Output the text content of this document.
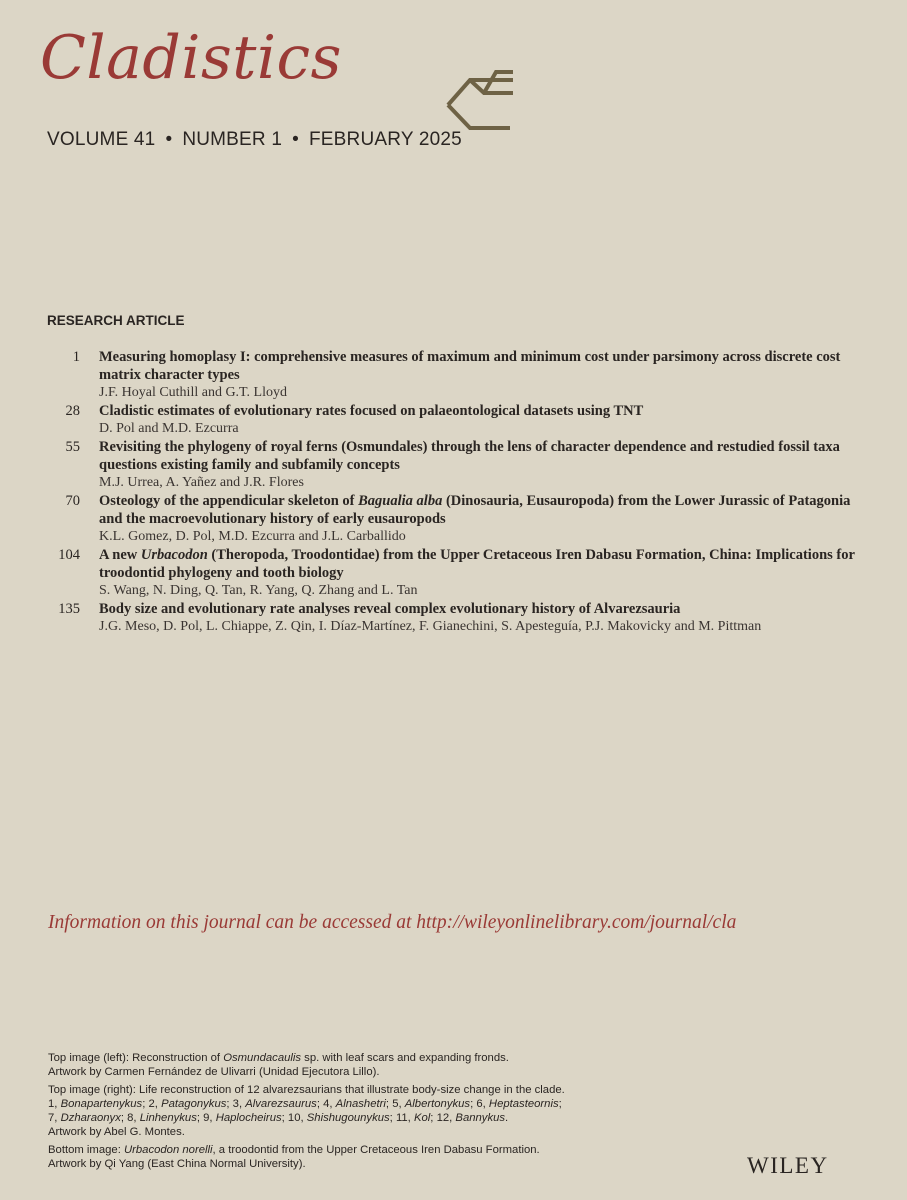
Cladistics
VOLUME 41 • NUMBER 1 • FEBRUARY 2025
RESEARCH ARTICLE
1 Measuring homoplasy I: comprehensive measures of maximum and minimum cost under parsimony across discrete cost matrix character types
J.F. Hoyal Cuthill and G.T. Lloyd
28 Cladistic estimates of evolutionary rates focused on palaeontological datasets using TNT
D. Pol and M.D. Ezcurra
55 Revisiting the phylogeny of royal ferns (Osmundales) through the lens of character dependence and restudied fossil taxa questions existing family and subfamily concepts
M.J. Urrea, A. Yañez and J.R. Flores
70 Osteology of the appendicular skeleton of Bagualia alba (Dinosauria, Eusauropoda) from the Lower Jurassic of Patagonia and the macroevolutionary history of early eusauropods
K.L. Gomez, D. Pol, M.D. Ezcurra and J.L. Carballido
104 A new Urbacodon (Theropoda, Troodontidae) from the Upper Cretaceous Iren Dabasu Formation, China: Implications for troodontid phylogeny and tooth biology
S. Wang, N. Ding, Q. Tan, R. Yang, Q. Zhang and L. Tan
135 Body size and evolutionary rate analyses reveal complex evolutionary history of Alvarezsauria
J.G. Meso, D. Pol, L. Chiappe, Z. Qin, I. Díaz-Martínez, F. Gianechini, S. Apesteguía, P.J. Makovicky and M. Pittman
Information on this journal can be accessed at http://wileyonlinelibrary.com/journal/cla
Top image (left): Reconstruction of Osmundacaulis sp. with leaf scars and expanding fronds.
Artwork by Carmen Fernández de Ulivarri (Unidad Ejecutora Lillo).
Top image (right): Life reconstruction of 12 alvarezsaurians that illustrate body-size change in the clade.
1, Bonapartenykus; 2, Patagonykus; 3, Alvarezsaurus; 4, Alnashetri; 5, Albertonykus; 6, Heptasteornis;
7, Dzharaonyx; 8, Linhenykus; 9, Haplocheirus; 10, Shishugounykus; 11, Kol; 12, Bannykus.
Artwork by Abel G. Montes.
Bottom image: Urbacodon norelli, a troodontid from the Upper Cretaceous Iren Dabasu Formation.
Artwork by Qi Yang (East China Normal University).	WILEY
